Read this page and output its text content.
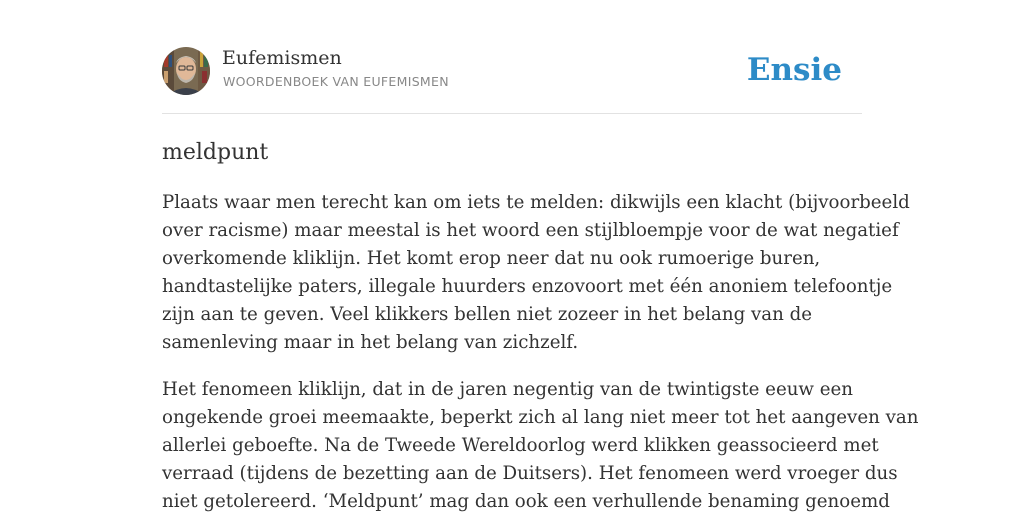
Eufemismen
WOORDENBOEK VAN EUFEMISMEN	Ensie
meldpunt

Plaats waar men terecht kan om iets te melden: dikwijls een klacht (bijvoorbeeld
over racisme) maar meestal is het woord een stijlbloempje voor de wat negatief
overkomende kliklijn. Het komt erop neer dat nu ook rumoerige buren,
handtastelijke paters, illegale huurders enzovoort met één anoniem telefoontje
zijn aan te geven. Veel klikkers bellen niet zozeer in het belang van de
samenleving maar in het belang van zichzelf.

Het fenomeen kliklijn, dat in de jaren negentig van de twintigste eeuw een
ongekende groei meemaakte, beperkt zich al lang niet meer tot het aangeven van
allerlei geboefte. Na de Tweede Wereldoorlog werd klikken geassocieerd met
verraad (tijdens de bezetting aan de Duitsers). Het fenomeen werd vroeger dus
niet getolereerd. ‘Meldpunt’ mag dan ook een verhullende benaming genoemd
